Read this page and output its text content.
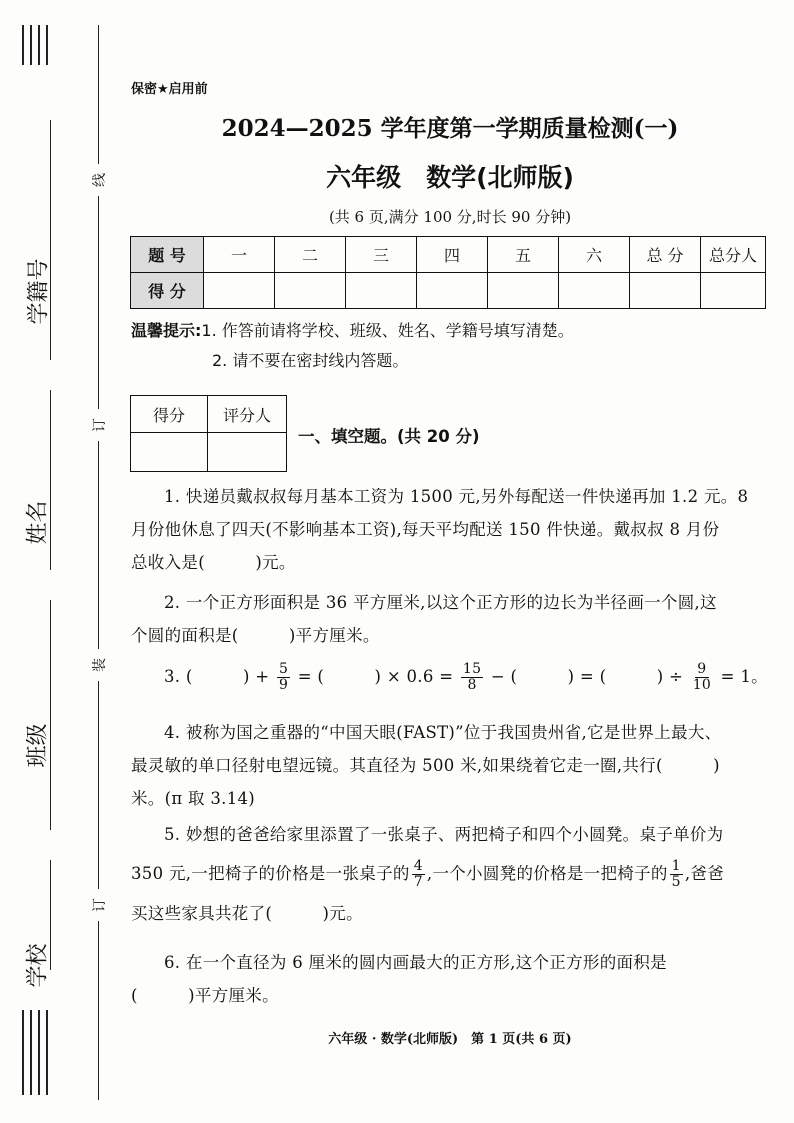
学籍号
姓名
班级
学校
线
订
装
订
保密★启用前
2024—2025 学年度第一学期质量检测(一)
六年级　数学(北师版)
(共 6 页,满分 100 分,时长 90 分钟)
题 号	一	二	三	四	五	六	总 分	总分人
得 分								
温馨提示:1. 作答前请将学校、班级、姓名、学籍号填写清楚。
2. 请不要在密封线内答题。
得分	评分人

一、填空题。(共 20 分)
1. 快递员戴叔叔每月基本工资为 1500 元,另外每配送一件快递再加 1.2 元。8
月份他休息了四天(不影响基本工资),每天平均配送 150 件快递。戴叔叔 8 月份
总收入是(　　　)元。
2. 一个正方形面积是 36 平方厘米,以这个正方形的边长为半径画一个圆,这
个圆的面积是(　　　)平方厘米。
3. (　　　) + $\frac{5}{9}$ = (　　　) × $0.6 = \frac{15}{8}$ − (　　　) = (　　　) ÷ $\frac{9}{10} = 1$。
4. 被称为国之重器的“中国天眼(FAST)”位于我国贵州省,它是世界上最大、
最灵敏的单口径射电望远镜。其直径为 500 米,如果绕着它走一圈,共行(　　　)
米。(π 取 3.14)
5. 妙想的爸爸给家里添置了一张桌子、两把椅子和四个小圆凳。桌子单价为
350 元,一把椅子的价格是一张桌子的 $\frac{4}{7}$ ,一个小圆凳的价格是一把椅子的 $\frac{1}{5}$ ,爸爸
买这些家具共花了(　　　)元。
6. 在一个直径为 6 厘米的圆内画最大的正方形,这个正方形的面积是
(　　　)平方厘米。
六年级 · 数学(北师版)　第 1 页(共 6 页)
